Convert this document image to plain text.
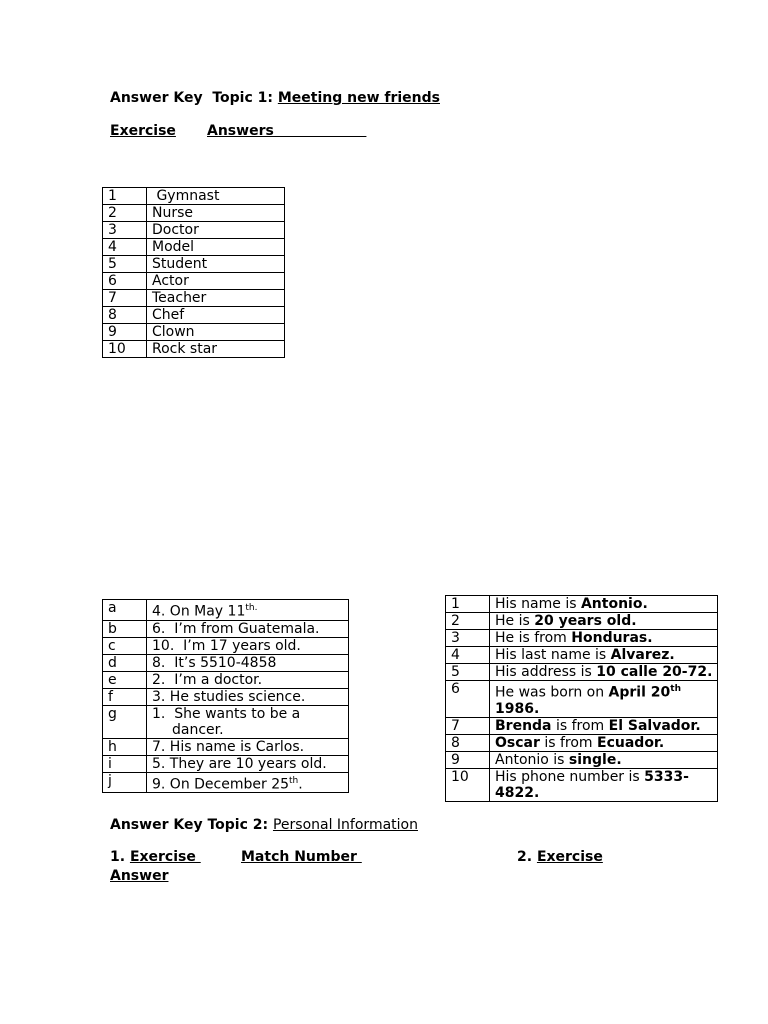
Answer Key  Topic 1: Meeting new friends
Exercise Answers
1	Gymnast
2	Nurse
3	Doctor
4	Model
5	Student
6	Actor
7	Teacher
8	Chef
9	Clown
10	Rock star
a	4. On May $11^{th.}$
b	6.  I’m from Guatemala.
c	10.  I’m 17 years old.
d	8.  It’s 5510-4858
e	2.  I’m a doctor.
f	3. He studies science.
g	1.  She wants to be a
dancer.
h	7. His name is Carlos.
i	5. They are 10 years old.
j	9. On December 25th.
1	His name is Antonio.
2	He is 20 years old.
3	He is from Honduras.
4	His last name is Alvarez.
5	His address is 10 calle 20-72.
6	He was born on April 20th
1986.
7	Brenda is from El Salvador.
8	Oscar is from Ecuador.
9	Antonio is single.
10	His phone number is 5333-4822.
Answer Key Topic 2: Personal Information
1. Exercise	Match Number	2. Exercise
Answer
